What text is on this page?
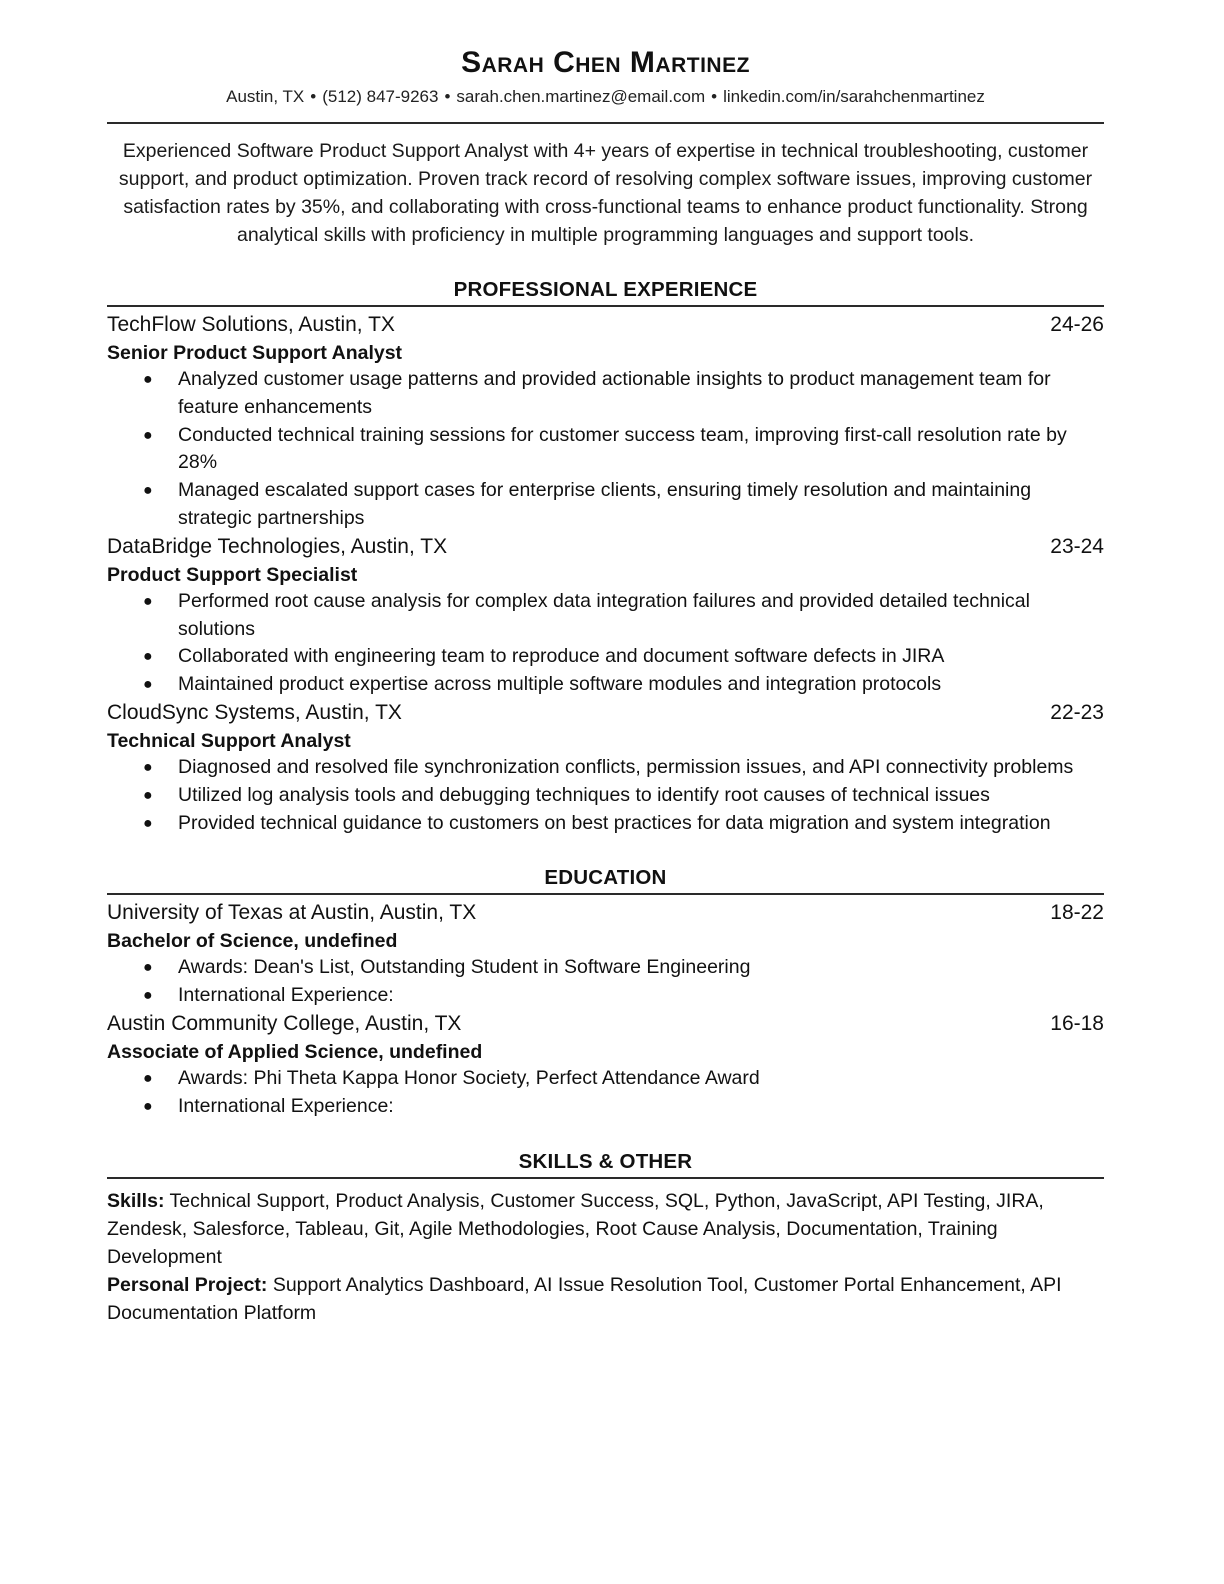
Sarah Chen Martinez
Austin, TX • (512) 847-9263 • sarah.chen.martinez@email.com • linkedin.com/in/sarahchenmartinez
Experienced Software Product Support Analyst with 4+ years of expertise in technical troubleshooting, customer support, and product optimization. Proven track record of resolving complex software issues, improving customer satisfaction rates by 35%, and collaborating with cross-functional teams to enhance product functionality. Strong analytical skills with proficiency in multiple programming languages and support tools.
PROFESSIONAL EXPERIENCE
TechFlow Solutions, Austin, TX	24-26
Senior Product Support Analyst
● Analyzed customer usage patterns and provided actionable insights to product management team for feature enhancements
● Conducted technical training sessions for customer success team, improving first-call resolution rate by 28%
● Managed escalated support cases for enterprise clients, ensuring timely resolution and maintaining strategic partnerships
DataBridge Technologies, Austin, TX	23-24
Product Support Specialist
● Performed root cause analysis for complex data integration failures and provided detailed technical solutions
● Collaborated with engineering team to reproduce and document software defects in JIRA
● Maintained product expertise across multiple software modules and integration protocols
CloudSync Systems, Austin, TX	22-23
Technical Support Analyst
● Diagnosed and resolved file synchronization conflicts, permission issues, and API connectivity problems
● Utilized log analysis tools and debugging techniques to identify root causes of technical issues
● Provided technical guidance to customers on best practices for data migration and system integration
EDUCATION
University of Texas at Austin, Austin, TX	18-22
Bachelor of Science, undefined
● Awards: Dean's List, Outstanding Student in Software Engineering
● International Experience:
Austin Community College, Austin, TX	16-18
Associate of Applied Science, undefined
● Awards: Phi Theta Kappa Honor Society, Perfect Attendance Award
● International Experience:
SKILLS & OTHER
Skills: Technical Support, Product Analysis, Customer Success, SQL, Python, JavaScript, API Testing, JIRA, Zendesk, Salesforce, Tableau, Git, Agile Methodologies, Root Cause Analysis, Documentation, Training Development
Personal Project: Support Analytics Dashboard, AI Issue Resolution Tool, Customer Portal Enhancement, API Documentation Platform
